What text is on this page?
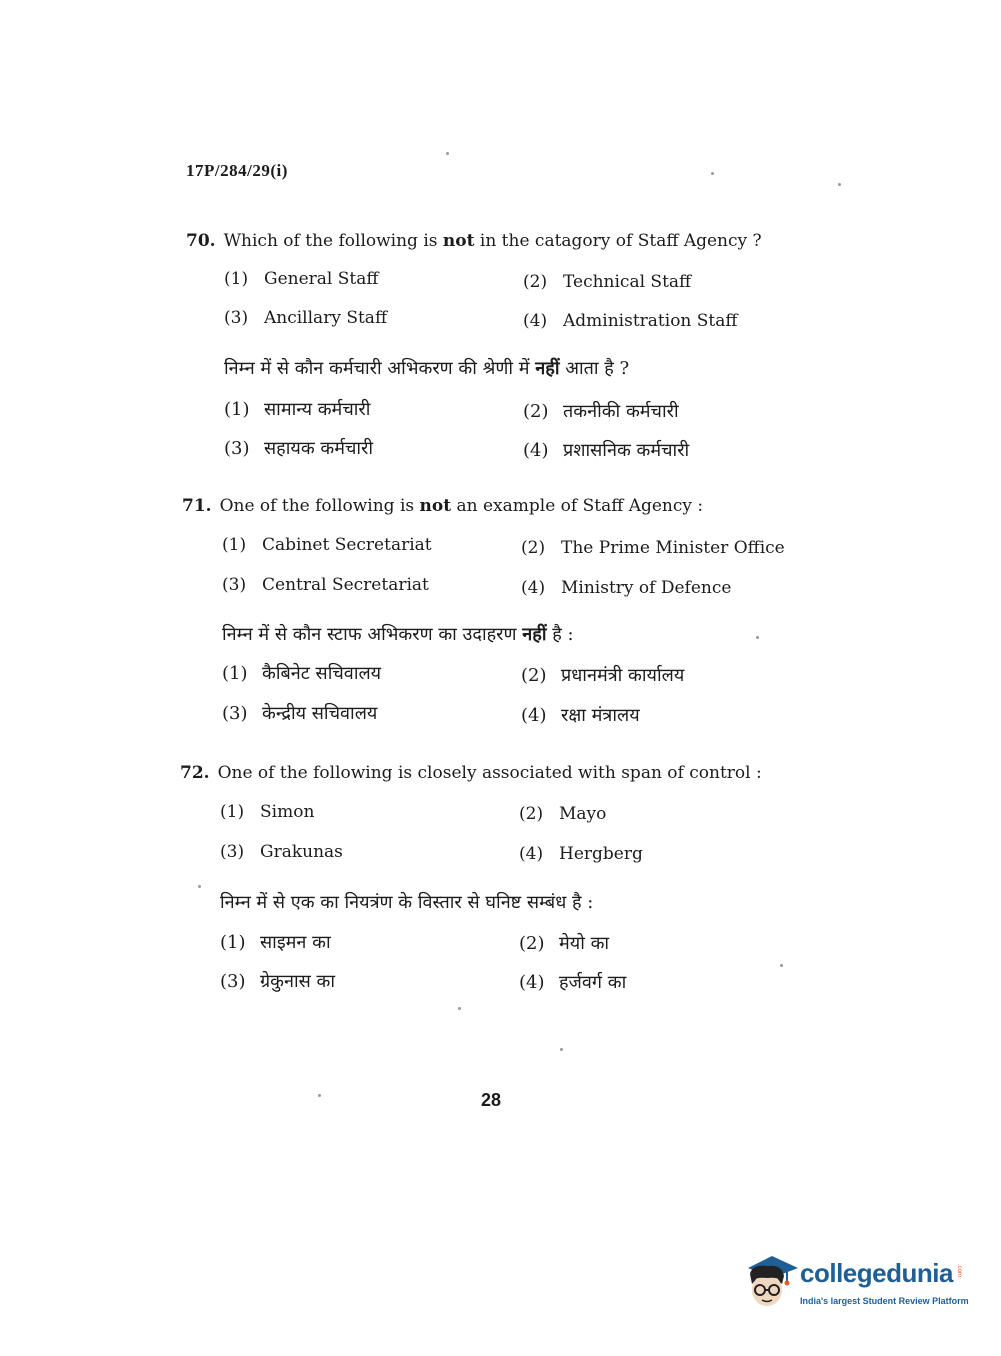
17P/284/29(i)
70. Which of the following is not in the catagory of Staff Agency ?
(1) General Staff	(2) Technical Staff
(3) Ancillary Staff	(4) Administration Staff
निम्न में से कौन कर्मचारी अभिकरण की श्रेणी में नहीं आता है ?
(1) सामान्य कर्मचारी	(2) तकनीकी कर्मचारी
(3) सहायक कर्मचारी	(4) प्रशासनिक कर्मचारी
71. One of the following is not an example of Staff Agency :
(1) Cabinet Secretariat	(2) The Prime Minister Office
(3) Central Secretariat	(4) Ministry of Defence
निम्न में से कौन स्टाफ अभिकरण का उदाहरण नहीं है :
(1) कैबिनेट सचिवालय	(2) प्रधानमंत्री कार्यालय
(3) केन्द्रीय सचिवालय	(4) रक्षा मंत्रालय
72. One of the following is closely associated with span of control :
(1) Simon	(2) Mayo
(3) Grakunas	(4) Hergberg
निम्न में से एक का नियत्रंण के विस्तार से घनिष्ट सम्बंध है :
(1) साइमन का	(2) मेयो का
(3) ग्रेकुनास का	(4) हर्जवर्ग का
28
collegedunia .com
India's largest Student Review Platform
